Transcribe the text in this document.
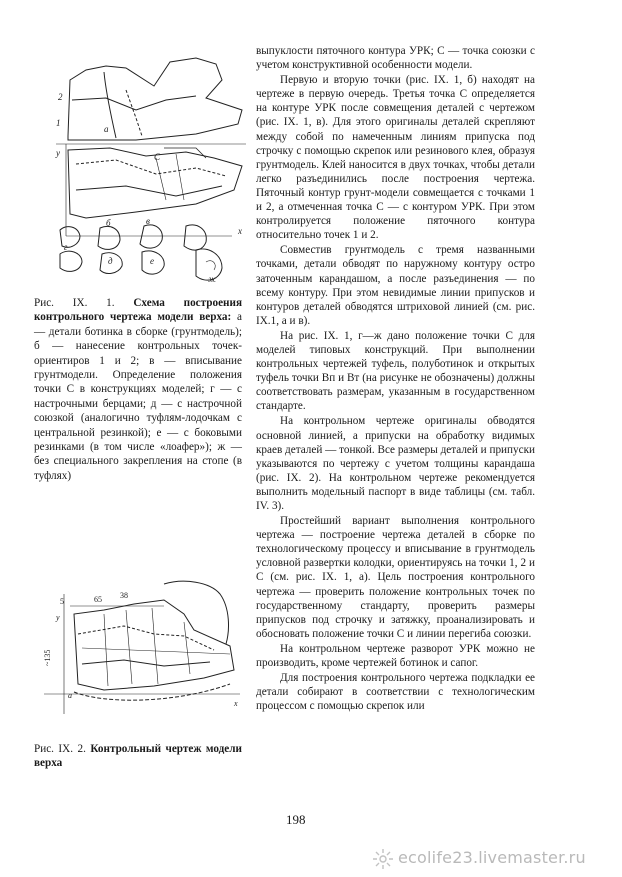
а
б	в
г
д	е
ж
1
2
C
y
x
Рис. IX. 1. Схема построения контрольного чертежа модели верха: а — детали ботинка в сборке (грунтмодель); б — нанесение контрольных точек-ориентиров 1 и 2; в — вписывание грунтмодели. Определение положения точки С в конструкциях моделей; г — с настрочными берцами; д — с настрочной союзкой (аналогично туфлям-лодочкам с центральной резинкой); е — с боковыми резинками (в том числе «лоафер»); ж — без специального закрепления на стопе (в туфлях)
65 38
5
~135
y
x
a
Рис. IX. 2. Контрольный чертеж модели верха

выпуклости пяточного контура УРК; C — точка союзки с учетом конструктивной особенности модели.

Первую и вторую точки (рис. IX. 1, б) находят на чертеже в первую очередь. Третья точка C определяется на контуре УРК после совмещения деталей с чертежом (рис. IX. 1, в). Для этого оригиналы деталей скрепляют между собой по намеченным линиям припуска под строчку с помощью скрепок или резинового клея, образуя грунтмодель. Клей наносится в двух точках, чтобы детали легко разъединились после построения чертежа. Пяточный контур грунт-модели совмещается с точками 1 и 2, а отмеченная точка C — с контуром УРК. При этом контролируется положение пяточного контура относительно точек 1 и 2.

Совместив грунтмодель с тремя названными точками, детали обводят по наружному контуру остро заточенным карандашом, а после разъединения — по всему контуру. При этом невидимые линии припусков и контуров деталей обводятся штриховой линией (см. рис. IX.1, а и в).

На рис. IX. 1, г—ж дано положение точки C для моделей типовых конструкций. При выполнении контрольных чертежей туфель, полуботинок и открытых туфель точки Bп и Bт (на рисунке не обозначены) должны соответствовать размерам, указанным в государственном стандарте.

На контрольном чертеже оригиналы обводятся основной линией, а припуски на обработку видимых краев деталей — тонкой. Все размеры деталей и припуски указываются по чертежу с учетом толщины карандаша (рис. IX. 2). На контрольном чертеже рекомендуется выполнить модельный паспорт в виде таблицы (см. табл. IV. 3).

Простейший вариант выполнения контрольного чертежа — построение чертежа деталей в сборке по технологическому процессу и вписывание в грунтмодель условной развертки колодки, ориентируясь на точки 1, 2 и C (см. рис. IX. 1, а). Цель построения контрольного чертежа — проверить положение контрольных точек по государственному стандарту, проверить размеры припусков под строчку и затяжку, проанализировать и обосновать положение точки C и линии перегиба союзки.

На контрольном чертеже разворот УРК можно не производить, кроме чертежей ботинок и сапог.

Для построения контрольного чертежа подкладки ее детали собирают в соответствии с технологическим процессом с помощью скрепок или

198
ecolife23.livemaster.ru
